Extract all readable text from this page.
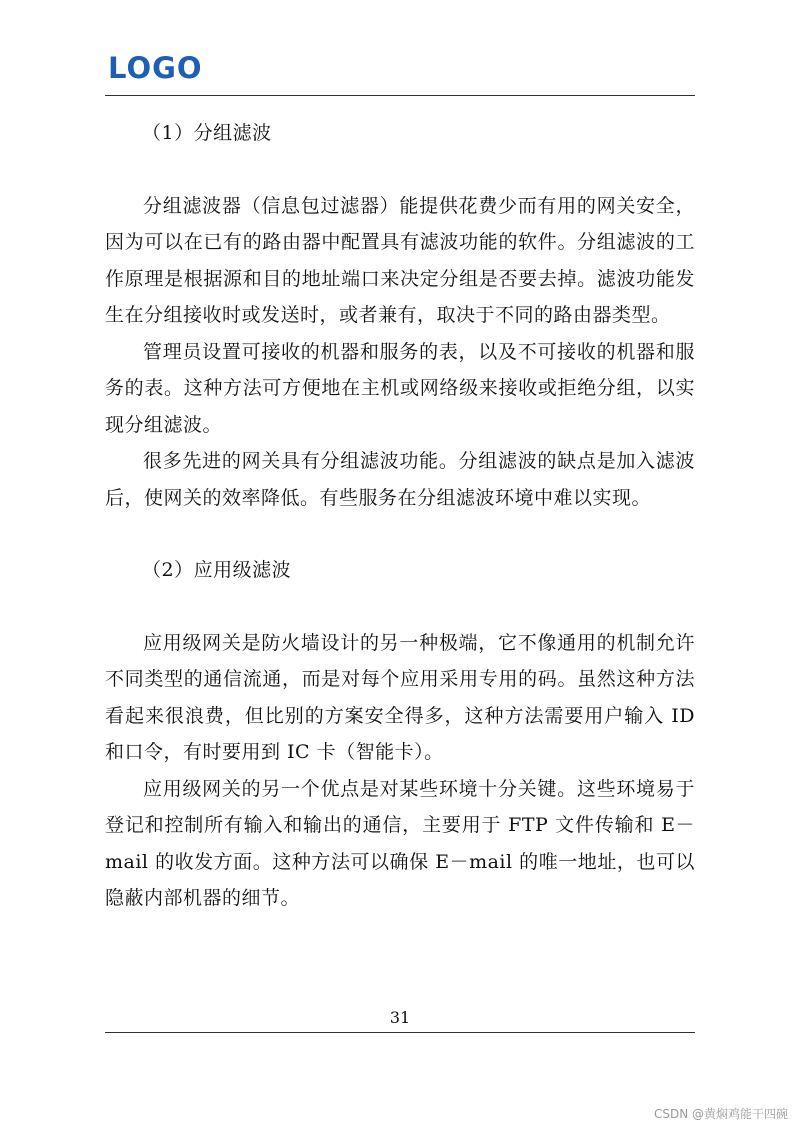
LOGO

（1）分组滤波

分组滤波器（信息包过滤器）能提供花费少而有用的网关安全，因为可以在已有的路由器中配置具有滤波功能的软件。分组滤波的工作原理是根据源和目的地址端口来决定分组是否要去掉。滤波功能发生在分组接收时或发送时，或者兼有，取决于不同的路由器类型。

管理员设置可接收的机器和服务的表，以及不可接收的机器和服务的表。这种方法可方便地在主机或网络级来接收或拒绝分组，以实现分组滤波。

很多先进的网关具有分组滤波功能。分组滤波的缺点是加入滤波后，使网关的效率降低。有些服务在分组滤波环境中难以实现。

（2）应用级滤波

应用级网关是防火墙设计的另一种极端，它不像通用的机制允许不同类型的通信流通，而是对每个应用采用专用的码。虽然这种方法看起来很浪费，但比别的方案安全得多，这种方法需要用户输入 ID 和口令，有时要用到 IC 卡（智能卡）。

应用级网关的另一个优点是对某些环境十分关键。这些环境易于登记和控制所有输入和输出的通信，主要用于 FTP 文件传输和 E－mail 的收发方面。这种方法可以确保 E－mail 的唯一地址，也可以隐蔽内部机器的细节。

31
CSDN @黄焖鸡能干四碗
